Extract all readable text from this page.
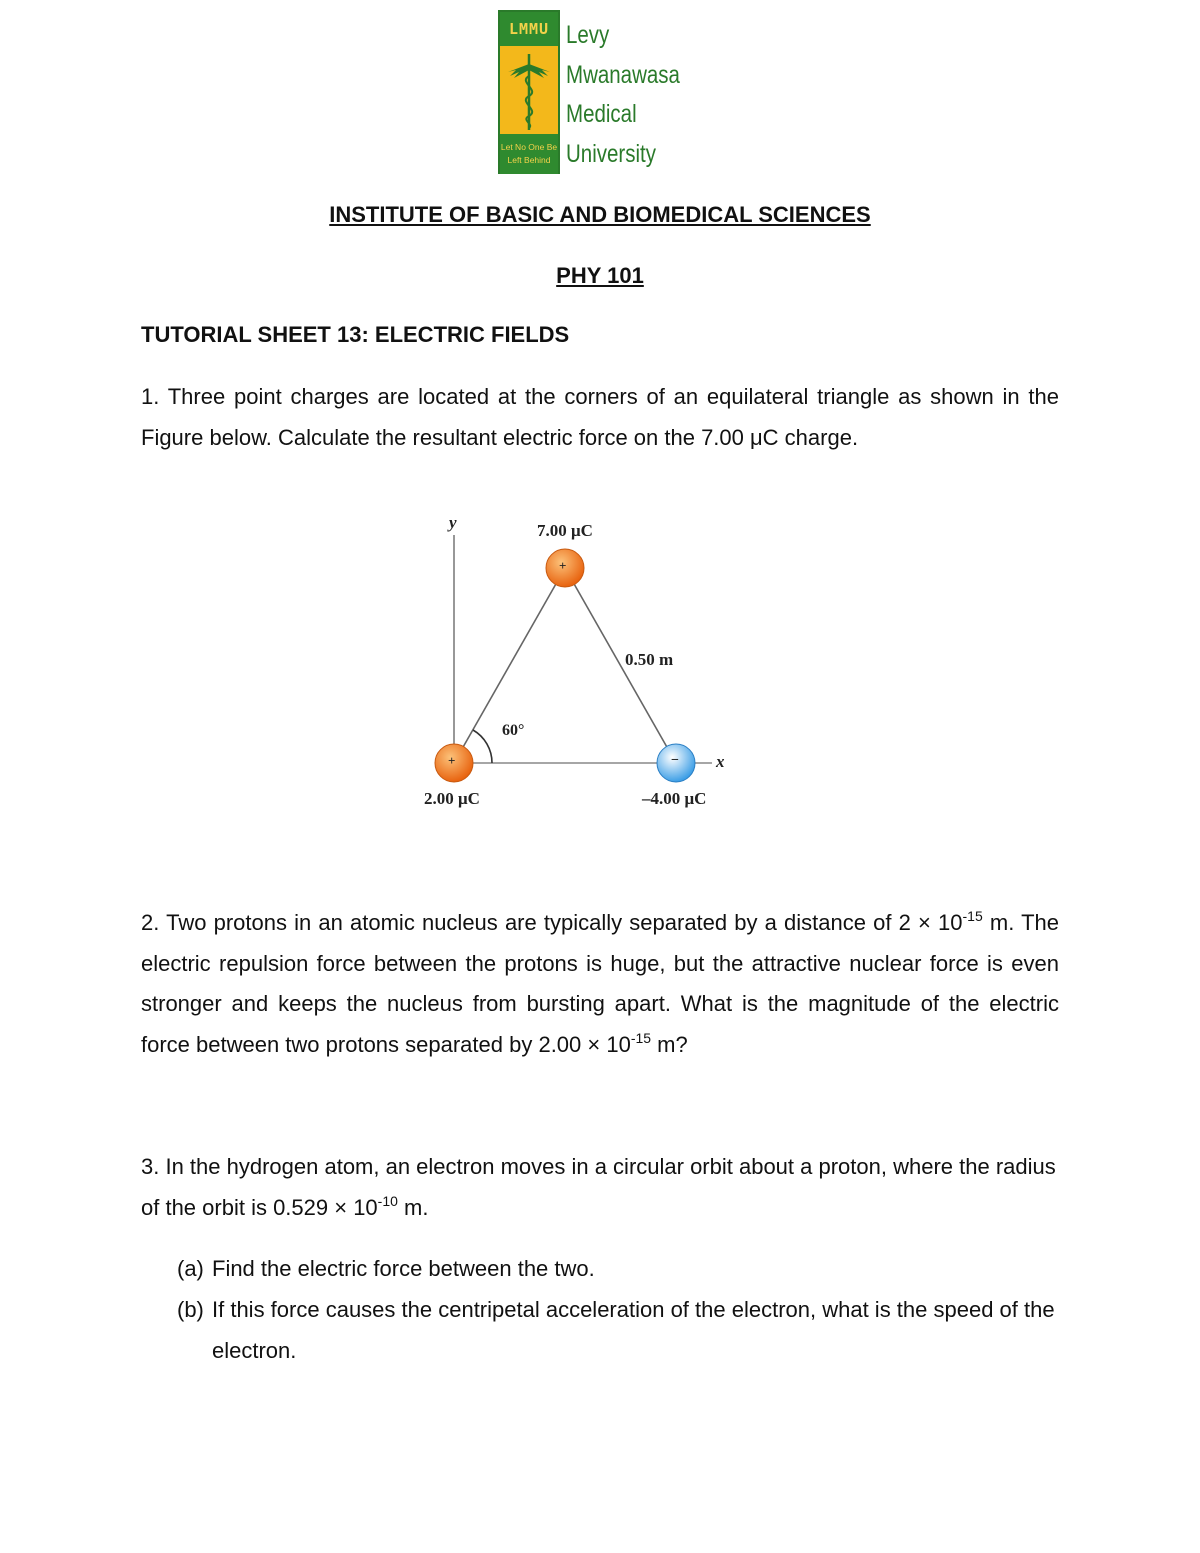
LMMU
Let No One Be
Left Behind
Levy
Mwanawasa
Medical
University
INSTITUTE OF BASIC AND BIOMEDICAL SCIENCES
PHY 101
TUTORIAL SHEET 13: ELECTRIC FIELDS

1. Three point charges are located at the corners of an equilateral triangle as shown in the Figure below. Calculate the resultant electric force on the 7.00 μC charge.

+
+	−
7.00 μC
2.00 μC	–4.00 μC
0.50 m
60°
x
y

2. Two protons in an atomic nucleus are typically separated by a distance of $2 \times 10^{-15}$ m. The electric repulsion force between the protons is huge, but the attractive nuclear force is even stronger and keeps the nucleus from bursting apart. What is the magnitude of the electric force between two protons separated by $2.00 \times 10^{-15}$ m?

3. In the hydrogen atom, an electron moves in a circular orbit about a proton, where the radius of the orbit is $0.529 \times 10^{-10}$ m.

(a) Find the electric force between the two.
(b) If this force causes the centripetal acceleration of the electron, what is the speed of the electron.
